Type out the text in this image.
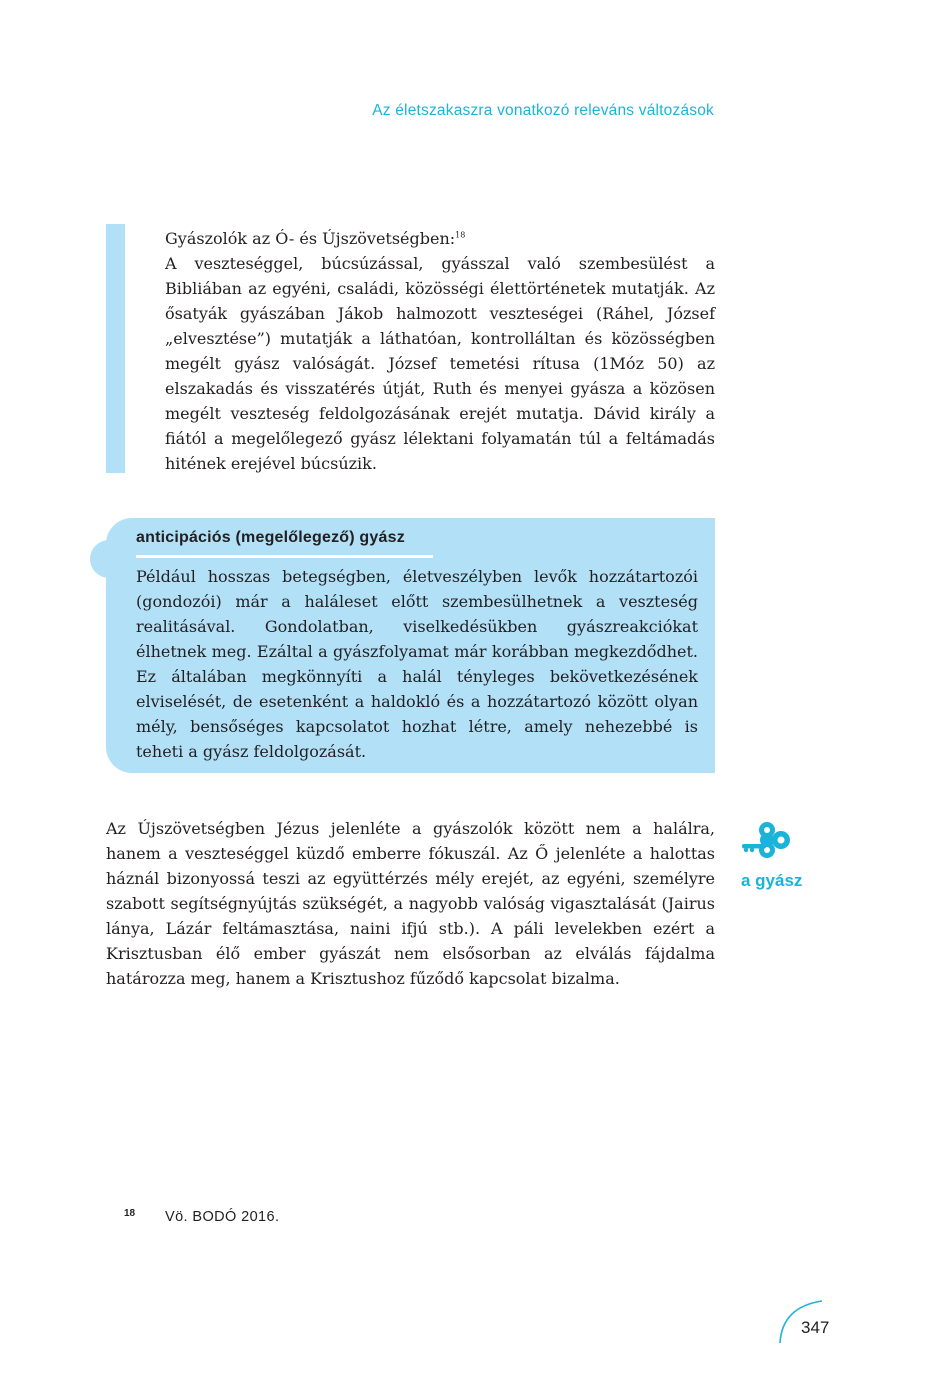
Az életszakaszra vonatkozó releváns változások
Gyászolók az Ó- és Újszövetségben:$^{18}$

A veszteséggel, búcsúzással, gyásszal való szembesülést a Bibliában az egyéni, családi, közösségi élettörténetek mutatják. Az ősatyák gyászában Jákob halmozott veszteségei (Ráhel, József „elvesztése”) mutatják a láthatóan, kontrolláltan és közösségben megélt gyász valóságát. József temetési rítusa (1Móz 50) az elszakadás és visszatérés útját, Ruth és menyei gyásza a közösen megélt veszteség feldolgozásának erejét mutatja. Dávid király a fiától a megelőlegező gyász lélektani folyamatán túl a feltámadás hitének erejével búcsúzik.

anticipációs (megelőlegező) gyász

Például hosszas betegségben, életveszélyben levők hozzátartozói (gondozói) már a haláleset előtt szembesülhetnek a veszteség realitásával. Gondolatban, viselkedésükben gyászreakciókat élhetnek meg. Ezáltal a gyászfolyamat már korábban megkezdődhet. Ez általában megkönnyíti a halál tényleges bekövetkezésének elviselését, de esetenként a haldokló és a hozzátartozó között olyan mély, bensőséges kapcsolatot hozhat létre, amely nehezebbé is teheti a gyász feldolgozását.

Az Újszövetségben Jézus jelenléte a gyászolók között nem a halálra, hanem a veszteséggel küzdő emberre fókuszál. Az Ő jelenléte a halottas háznál bizonyossá teszi az együttérzés mély erejét, az egyéni, személyre szabott segítségnyújtás szükségét, a nagyobb valóság vigasztalását (Jairus lánya, Lázár feltámasztása, naini ifjú stb.). A páli levelekben ezért a Krisztusban élő ember gyászát nem elsősorban az elválás fájdalma határozza meg, hanem a Krisztushoz fűződő kapcsolat bizalma.

a gyász
18 Vö. BODÓ 2016.
347
